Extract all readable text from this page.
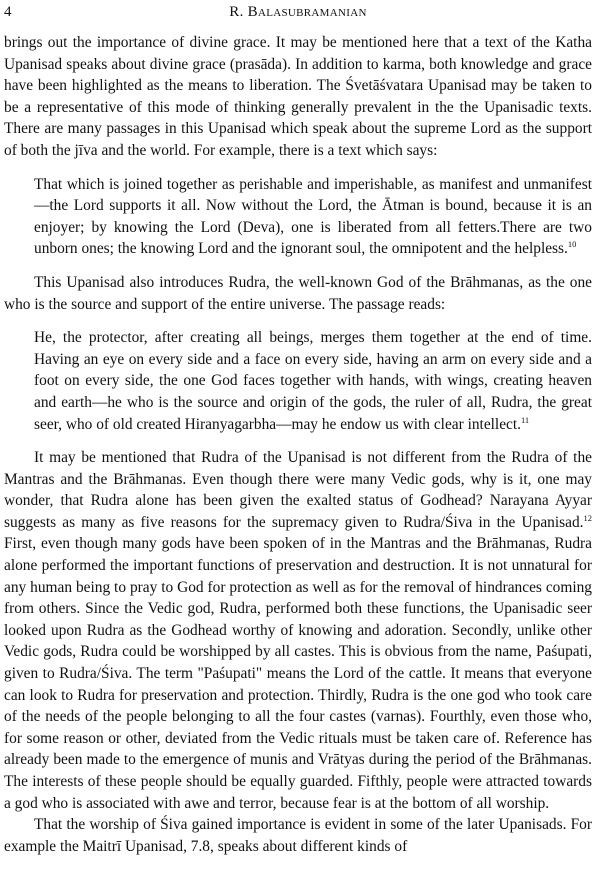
4	R. Balasubramanian

brings out the importance of divine grace. It may be mentioned here that a text of the Katha Upanisad speaks about divine grace (prasāda). In addition to karma, both knowledge and grace have been highlighted as the means to liberation. The Śvetāśvatara Upanisad may be taken to be a representative of this mode of thinking generally prevalent in the the Upanisadic texts. There are many passages in this Upanisad which speak about the supreme Lord as the support of both the jīva and the world. For example, there is a text which says:

That which is joined together as perishable and imperishable, as manifest and unmanifest—the Lord supports it all. Now without the Lord, the Ātman is bound, because it is an enjoyer; by knowing the Lord (Deva), one is liberated from all fetters.There are two unborn ones; the knowing Lord and the ignorant soul, the omnipotent and the helpless.$^{10}$

This Upanisad also introduces Rudra, the well-known God of the Brāhmanas, as the one who is the source and support of the entire universe. The passage reads:

He, the protector, after creating all beings, merges them together at the end of time. Having an eye on every side and a face on every side, having an arm on every side and a foot on every side, the one God faces together with hands, with wings, creating heaven and earth—he who is the source and origin of the gods, the ruler of all, Rudra, the great seer, who of old created Hiranyagarbha—may he endow us with clear intellect.$^{11}$

It may be mentioned that Rudra of the Upanisad is not different from the Rudra of the Mantras and the Brāhmanas. Even though there were many Vedic gods, why is it, one may wonder, that Rudra alone has been given the exalted status of Godhead? Narayana Ayyar suggests as many as five reasons for the supremacy given to Rudra/Śiva in the Upanisad.$^{12}$ First, even though many gods have been spoken of in the Mantras and the Brāhmanas, Rudra alone performed the important functions of preservation and destruction. It is not unnatural for any human being to pray to God for protection as well as for the removal of hindrances coming from others. Since the Vedic god, Rudra, performed both these functions, the Upanisadic seer looked upon Rudra as the Godhead worthy of knowing and adoration. Secondly, unlike other Vedic gods, Rudra could be worshipped by all castes. This is obvious from the name, Paśupati, given to Rudra/Śiva. The term "Paśupati" means the Lord of the cattle. It means that everyone can look to Rudra for preservation and protection. Thirdly, Rudra is the one god who took care of the needs of the people belonging to all the four castes (varnas). Fourthly, even those who, for some reason or other, deviated from the Vedic rituals must be taken care of. Reference has already been made to the emergence of munis and Vrātyas during the period of the Brāhmanas. The interests of these people should be equally guarded. Fifthly, people were attracted towards a god who is associated with awe and terror, because fear is at the bottom of all worship.

That the worship of Śiva gained importance is evident in some of the later Upanisads. For example the Maitrī Upanisad, 7.8, speaks about different kinds of
